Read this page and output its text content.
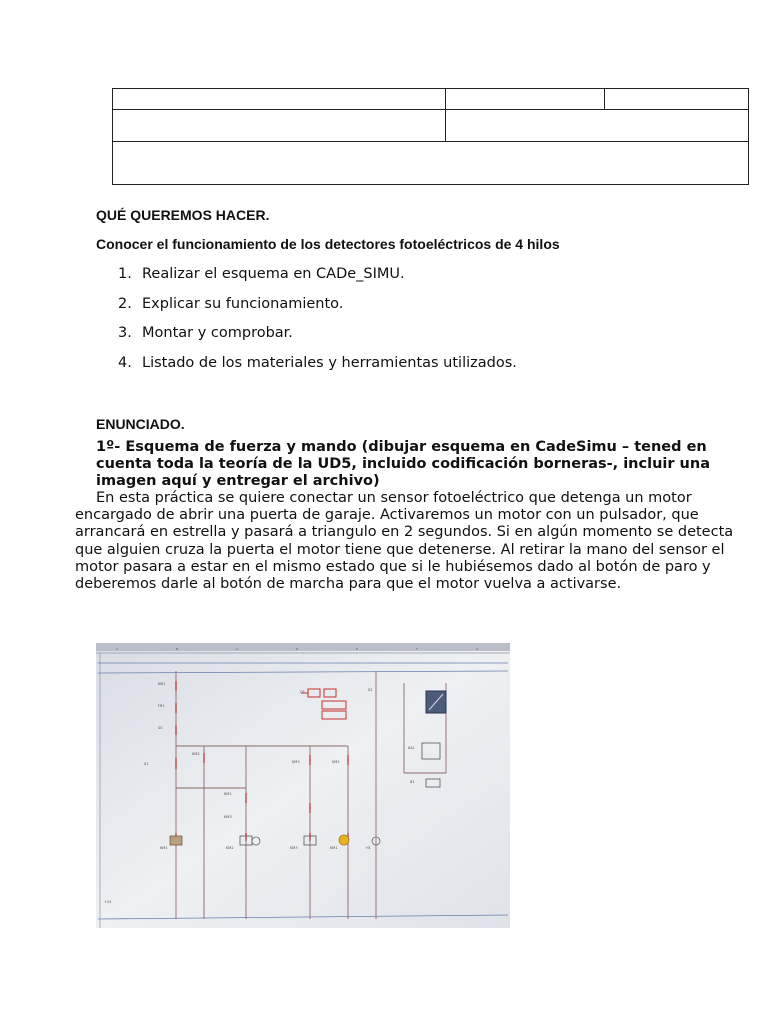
QUÉ QUEREMOS HACER.
Conocer el funcionamiento de los detectores fotoeléctricos de 4 hilos
1. Realizar el esquema en CADe_SIMU.
2. Explicar su funcionamiento.
3. Montar y comprobar.
4. Listado de los materiales y herramientas utilizados.
ENUNCIADO.
1º- Esquema de fuerza y mando (dibujar esquema en CadeSimu – tened en cuenta toda la teoría de la UD5, incluido codificación borneras-, incluir una imagen aquí y entregar el archivo)
En esta práctica se quiere conectar un sensor fotoeléctrico que detenga un motor encargado de abrir una puerta de garaje. Activaremos un motor con un pulsador, que arrancará en estrella y pasará a triangulo en 2 segundos. Si en algún momento se detecta que alguien cruza la puerta el motor tiene que detenerse. Al retirar la mano del sensor el motor pasara a estar en el mismo estado que si le hubiésemos dado al botón de paro y deberemos darle al botón de marcha para que el motor vuelva a activarse.
KM1
FR1
S0
S1
KM2
KM3	KM2
KM1
KM3
KM1	KM2	KM3	KM1	H1
Q1
KA1
B1
S2
+24
A	B	C	D	E	F	G
